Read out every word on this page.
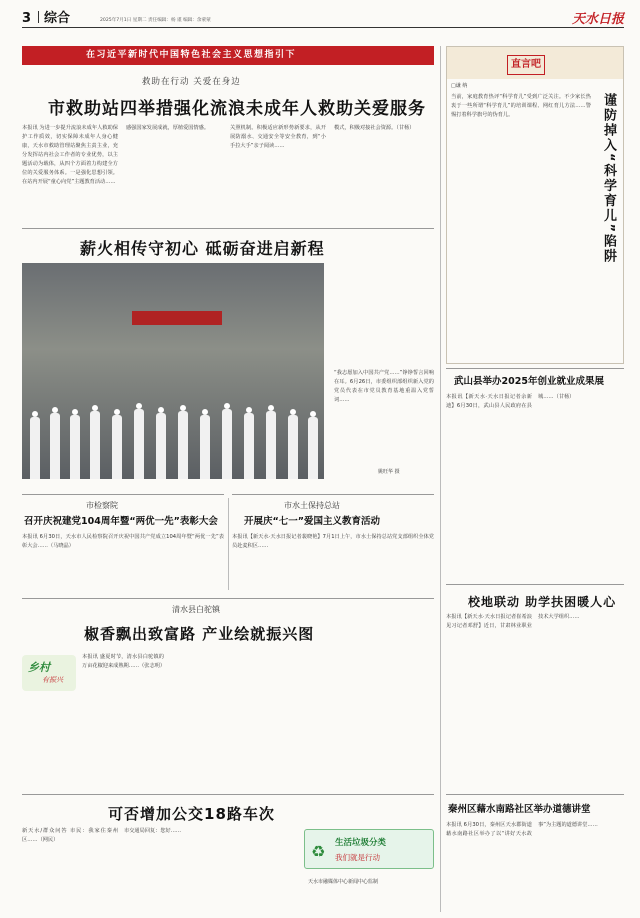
3 综合	2025年7月1日 星期二 责任编辑：杨 谨 编辑：余蒙蒙	天水日报
在习近平新时代中国特色社会主义思想指引下
救助在行动 关爱在身边
市救助站四举措强化流浪未成年人救助关爱服务
本报讯 为进一步提升流浪未成年人救助保护工作质效，切实保障未成年人身心健康，天水市救助管理站聚焦主责主业，充分发挥站内社会工作者的专业优势，以主题活动为载体，从四个方面着力构建全方位的关爱服务体系。一是强化思想引领。在站内开展“童心向党”主题教育活动……
感强国家发展成就，厚植爱国情感。	关照机制。积极适应新形势新要求，从开展防溺水、交通安全等安全教育，到“小手拉大手”亲子阅读……
模式，积极对接社会资源。（甘杨）
薪火相传守初心 砥砺奋进启新程
“我志愿加入中国共产党……”铮铮誓言回响在耳。6月26日，市委组织部组织新入党的党员代表在市党员教育基地重温入党誓词……
姚旺华 摄
市检察院
召开庆祝建党104周年暨“两优一先”表彰大会
本报讯 6月30日，天水市人民检察院召开庆祝中国共产党成立104周年暨“两优一先”表彰大会……（马晓晶）
市水土保持总站
开展庆“七一”爱国主义教育活动
本报讯【新天水·天水日报记者裴晓艳】7月1日上午，市水土保持总站党支部组织全体党员赴麦积区……
清水县白驼镇
椒香飘出致富路 产业绘就振兴图
乡村
有振兴
本报讯 盛夏时节，清水县白驼镇的万亩花椒迎来成熟期……（张志明）
可否增加公交18路车次
新天水/群众问答 市民：我家住秦州区……（网民）
市交通局回复：您好……
♻ 生活垃圾分类
我们就是行动
天水市融媒体中心新闻中心监制
直言吧
□谦 纳
当前，家庭教育热评“科学育儿”受到广泛关注。不少家长热衷于一些所谓“科学育儿”的培训课程、网红育儿方法……警惕打着科学旗号的伪育儿。	谨防掉入“科学育儿”陷阱
武山县举办2025年创业就业成果展
本报讯【新天水·天水日报记者余新迪】6月30日，武山县人民政府在县城……（甘杨）
校地联动 助学扶困暖人心
本报讯【新天水·天水日报记者崔希浪 见习记者邓舒】近日，甘肃林业职业技术大学组织……
秦州区藉水南路社区举办道德讲堂
本报讯 6月30日，秦州区天水郡街道藉水南路社区举办了以“讲好天水故事”为主题的道德讲堂……
